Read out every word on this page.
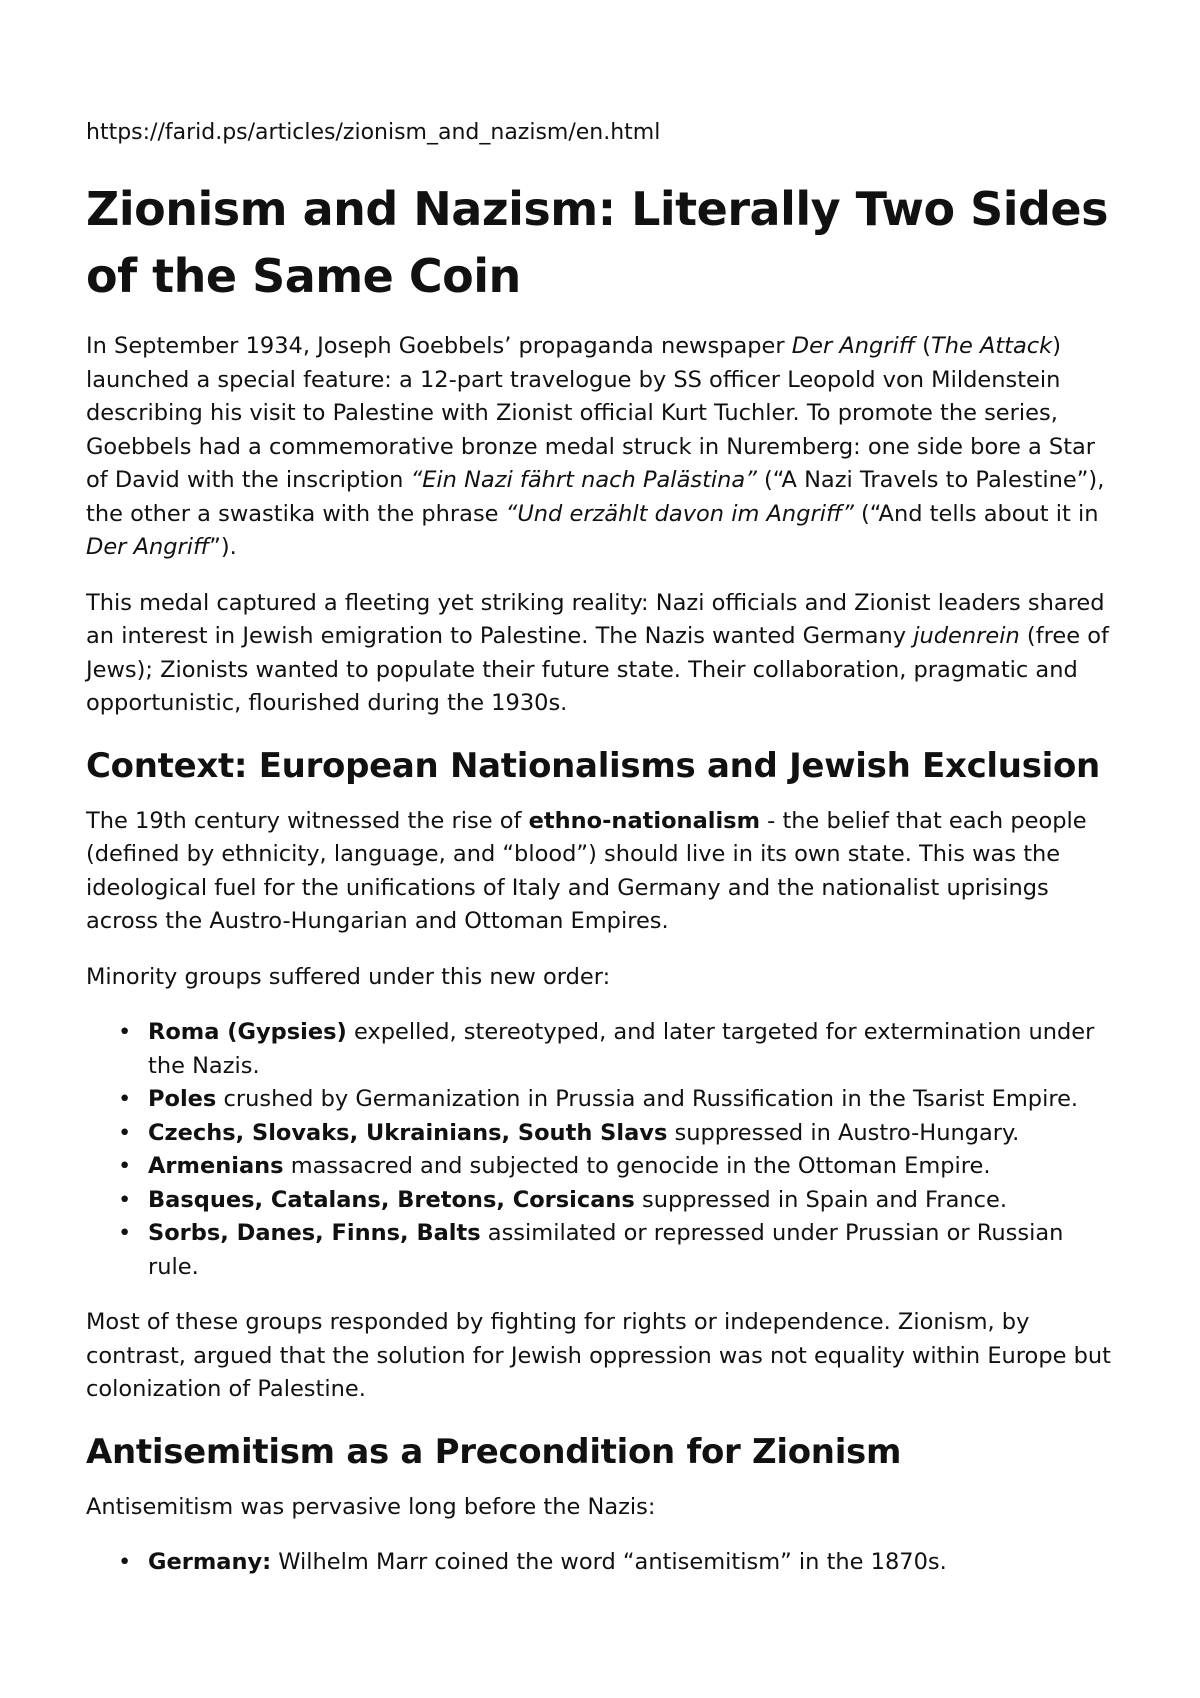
https://farid.ps/articles/zionism_and_nazism/en.html
Zionism and Nazism: Literally Two Sides of the Same Coin

In September 1934, Joseph Goebbels’ propaganda newspaper Der Angriff (The Attack) launched a special feature: a 12-part travelogue by SS officer Leopold von Mildenstein describing his visit to Palestine with Zionist official Kurt Tuchler. To promote the series, Goebbels had a commemorative bronze medal struck in Nuremberg: one side bore a Star of David with the inscription “Ein Nazi fährt nach Palästina” (“A Nazi Travels to Palestine”), the other a swastika with the phrase “Und erzählt davon im Angriff” (“And tells about it in Der Angriff”).

This medal captured a fleeting yet striking reality: Nazi officials and Zionist leaders shared an interest in Jewish emigration to Palestine. The Nazis wanted Germany judenrein (free of Jews); Zionists wanted to populate their future state. Their collaboration, pragmatic and opportunistic, flourished during the 1930s.

Context: European Nationalisms and Jewish Exclusion

The 19th century witnessed the rise of ethno-nationalism - the belief that each people (defined by ethnicity, language, and “blood”) should live in its own state. This was the ideological fuel for the unifications of Italy and Germany and the nationalist uprisings across the Austro-Hungarian and Ottoman Empires.

Minority groups suffered under this new order:

• Roma (Gypsies) expelled, stereotyped, and later targeted for extermination under the Nazis.
• Poles crushed by Germanization in Prussia and Russification in the Tsarist Empire.
• Czechs, Slovaks, Ukrainians, South Slavs suppressed in Austro-Hungary.
• Armenians massacred and subjected to genocide in the Ottoman Empire.
• Basques, Catalans, Bretons, Corsicans suppressed in Spain and France.
• Sorbs, Danes, Finns, Balts assimilated or repressed under Prussian or Russian rule.

Most of these groups responded by fighting for rights or independence. Zionism, by contrast, argued that the solution for Jewish oppression was not equality within Europe but colonization of Palestine.

Antisemitism as a Precondition for Zionism

Antisemitism was pervasive long before the Nazis:

• Germany: Wilhelm Marr coined the word “antisemitism” in the 1870s.
